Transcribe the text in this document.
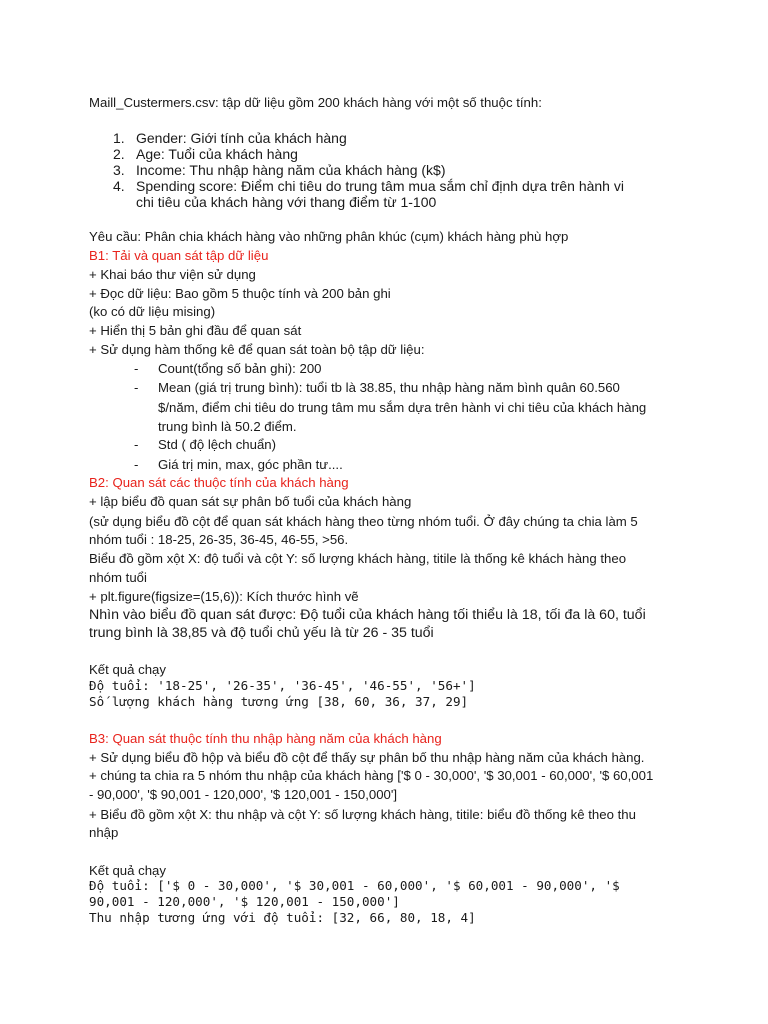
Maill_Custermers.csv: tập dữ liệu gồm 200 khách hàng với một số thuộc tính:
1. Gender: Giới tính của khách hàng
2. Age: Tuổi của khách hàng
3. Income: Thu nhập hàng năm của khách hàng (k$)
4. Spending score: Điểm chi tiêu do trung tâm mua sắm chỉ định dựa trên hành vi
chi tiêu của khách hàng với thang điểm từ 1-100
Yêu cầu: Phân chia khách hàng vào những phân khúc (cụm) khách hàng phù hợp
B1: Tải và quan sát tập dữ liệu
+ Khai báo thư viện sử dụng
+ Đọc dữ liệu: Bao gồm 5 thuộc tính và 200 bản ghi
(ko có dữ liệu mising)
+ Hiển thị 5 bản ghi đầu để quan sát
+ Sử dụng hàm thống kê để quan sát toàn bộ tập dữ liệu:
- Count(tổng số bản ghi): 200
- Mean (giá trị trung bình): tuổi tb là 38.85, thu nhập hàng năm bình quân 60.560
$/năm, điểm chi tiêu do trung tâm mu sắm dựa trên hành vi chi tiêu của khách hàng
trung bình là 50.2 điểm.
- Std ( độ lệch chuẩn)
- Giá trị min, max, góc phần tư....
B2: Quan sát các thuộc tính của khách hàng
+ lập biểu đồ quan sát sự phân bố tuổi của khách hàng
(sử dụng biểu đồ cột để quan sát khách hàng theo từng nhóm tuổi. Ở đây chúng ta chia làm 5
nhóm tuổi : 18-25, 26-35, 36-45, 46-55, >56.
Biểu đồ gồm xột X: độ tuổi và cột Y: số lượng khách hàng, titile là thống kê khách hàng theo
nhóm tuổi
+ plt.figure(figsize=(15,6)): Kích thước hình vẽ
Nhìn vào biểu đồ quan sát được: Độ tuổi của khách hàng tối thiểu là 18, tối đa là 60, tuổi
trung bình là 38,85 và độ tuổi chủ yếu là từ 26 - 35 tuổi
Kết quả chạy
Độ tuổi: '18-25', '26-35', '36-45', '46-55', '56+']
Số lượng khách hàng tương ứng [38, 60, 36, 37, 29]
B3: Quan sát thuộc tính thu nhập hàng năm của khách hàng
+ Sử dụng biểu đồ hộp và biểu đồ cột để thấy sự phân bố thu nhập hàng năm của khách hàng.
+ chúng ta chia ra 5 nhóm thu nhập của khách hàng ['$ 0 - 30,000', '$ 30,001 - 60,000', '$ 60,001
- 90,000', '$ 90,001 - 120,000', '$ 120,001 - 150,000']
+ Biểu đồ gồm xột X: thu nhập và cột Y: số lượng khách hàng, titile: biểu đồ thống kê theo thu
nhập
Kết quả chạy
Độ tuổi: ['$ 0 - 30,000', '$ 30,001 - 60,000', '$ 60,001 - 90,000', '$
90,001 - 120,000', '$ 120,001 - 150,000']
Thu nhập tương ứng với độ tuổi: [32, 66, 80, 18, 4]
